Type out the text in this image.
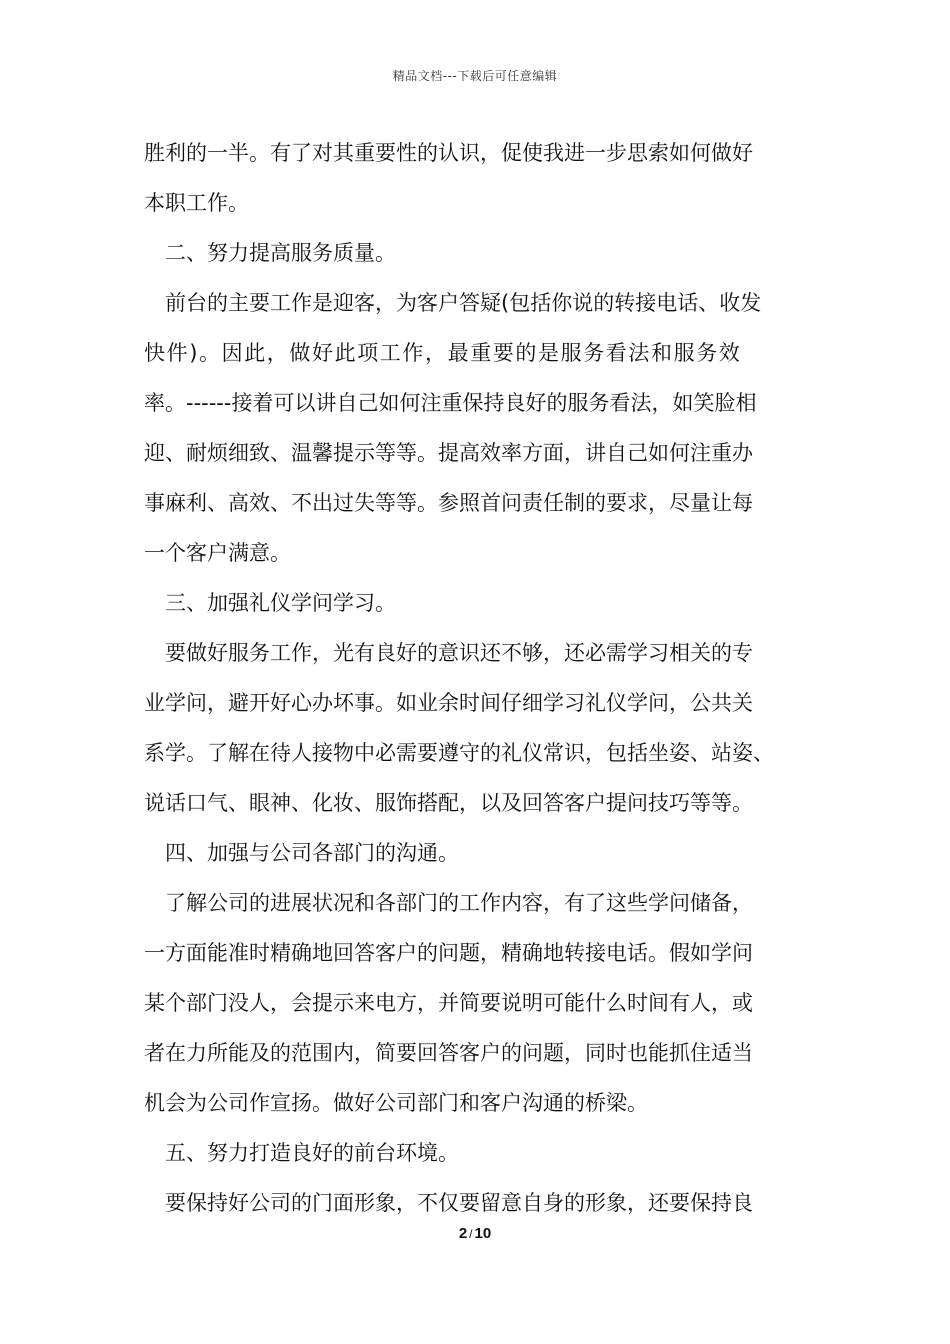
精品文档---下载后可任意编辑
胜利的一半。有了对其重要性的认识，促使我进一步思索如何做好
本职工作。
二、努力提高服务质量。
前台的主要工作是迎客，为客户答疑(包括你说的转接电话、收发
快件)。因此，做好此项工作，最重要的是服务看法和服务效
率。------接着可以讲自己如何注重保持良好的服务看法，如笑脸相
迎、耐烦细致、温馨提示等等。提高效率方面，讲自己如何注重办
事麻利、高效、不出过失等等。参照首问责任制的要求，尽量让每
一个客户满意。
三、加强礼仪学问学习。
要做好服务工作，光有良好的意识还不够，还必需学习相关的专
业学问，避开好心办坏事。如业余时间仔细学习礼仪学问，公共关
系学。了解在待人接物中必需要遵守的礼仪常识，包括坐姿、站姿、
说话口气、眼神、化妆、服饰搭配，以及回答客户提问技巧等等。
四、加强与公司各部门的沟通。
了解公司的进展状况和各部门的工作内容，有了这些学问储备，
一方面能准时精确地回答客户的问题，精确地转接电话。假如学问
某个部门没人，会提示来电方，并简要说明可能什么时间有人，或
者在力所能及的范围内，简要回答客户的问题，同时也能抓住适当
机会为公司作宣扬。做好公司部门和客户沟通的桥梁。
五、努力打造良好的前台环境。
要保持好公司的门面形象，不仅要留意自身的形象，还要保持良
2 / 10
